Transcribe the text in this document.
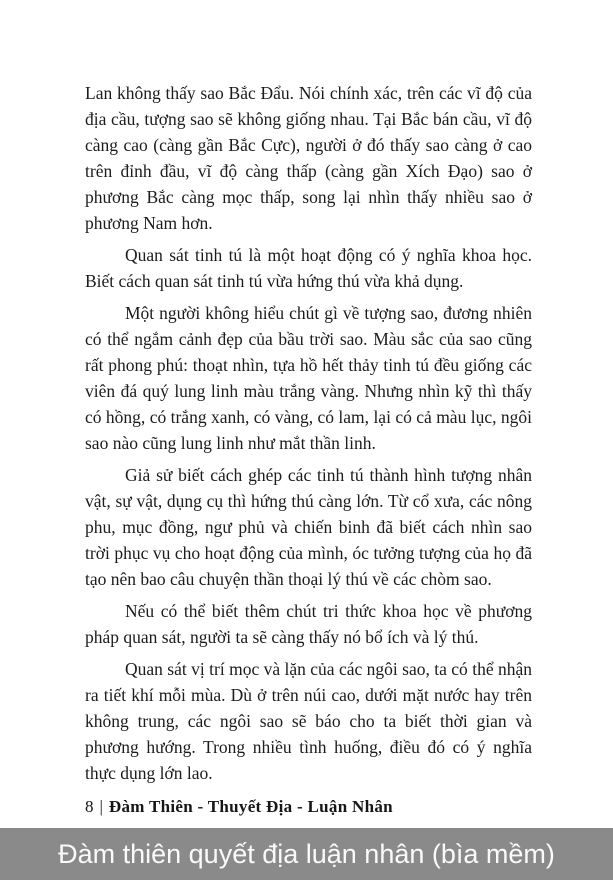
Lan không thấy sao Bắc Đẩu. Nói chính xác, trên các vĩ độ của địa cầu, tượng sao sẽ không giống nhau. Tại Bắc bán cầu, vĩ độ càng cao (càng gần Bắc Cực), người ở đó thấy sao càng ở cao trên đỉnh đầu, vĩ độ càng thấp (càng gần Xích Đạo) sao ở phương Bắc càng mọc thấp, song lại nhìn thấy nhiều sao ở phương Nam hơn.

Quan sát tinh tú là một hoạt động có ý nghĩa khoa học. Biết cách quan sát tinh tú vừa hứng thú vừa khả dụng.

Một người không hiểu chút gì về tượng sao, đương nhiên có thể ngắm cảnh đẹp của bầu trời sao. Màu sắc của sao cũng rất phong phú: thoạt nhìn, tựa hồ hết thảy tinh tú đều giống các viên đá quý lung linh màu trắng vàng. Nhưng nhìn kỹ thì thấy có hồng, có trắng xanh, có vàng, có lam, lại có cả màu lục, ngôi sao nào cũng lung linh như mắt thần linh.

Giả sử biết cách ghép các tinh tú thành hình tượng nhân vật, sự vật, dụng cụ thì hứng thú càng lớn. Từ cổ xưa, các nông phu, mục đồng, ngư phủ và chiến binh đã biết cách nhìn sao trời phục vụ cho hoạt động của mình, óc tưởng tượng của họ đã tạo nên bao câu chuyện thần thoại lý thú về các chòm sao.

Nếu có thể biết thêm chút tri thức khoa học về phương pháp quan sát, người ta sẽ càng thấy nó bổ ích và lý thú.

Quan sát vị trí mọc và lặn của các ngôi sao, ta có thể nhận ra tiết khí mỗi mùa. Dù ở trên núi cao, dưới mặt nước hay trên không trung, các ngôi sao sẽ báo cho ta biết thời gian và phương hướng. Trong nhiều tình huống, điều đó có ý nghĩa thực dụng lớn lao.

8 | Đàm Thiên - Thuyết Địa - Luận Nhân
Đàm thiên quyết địa luận nhân (bìa mềm)
